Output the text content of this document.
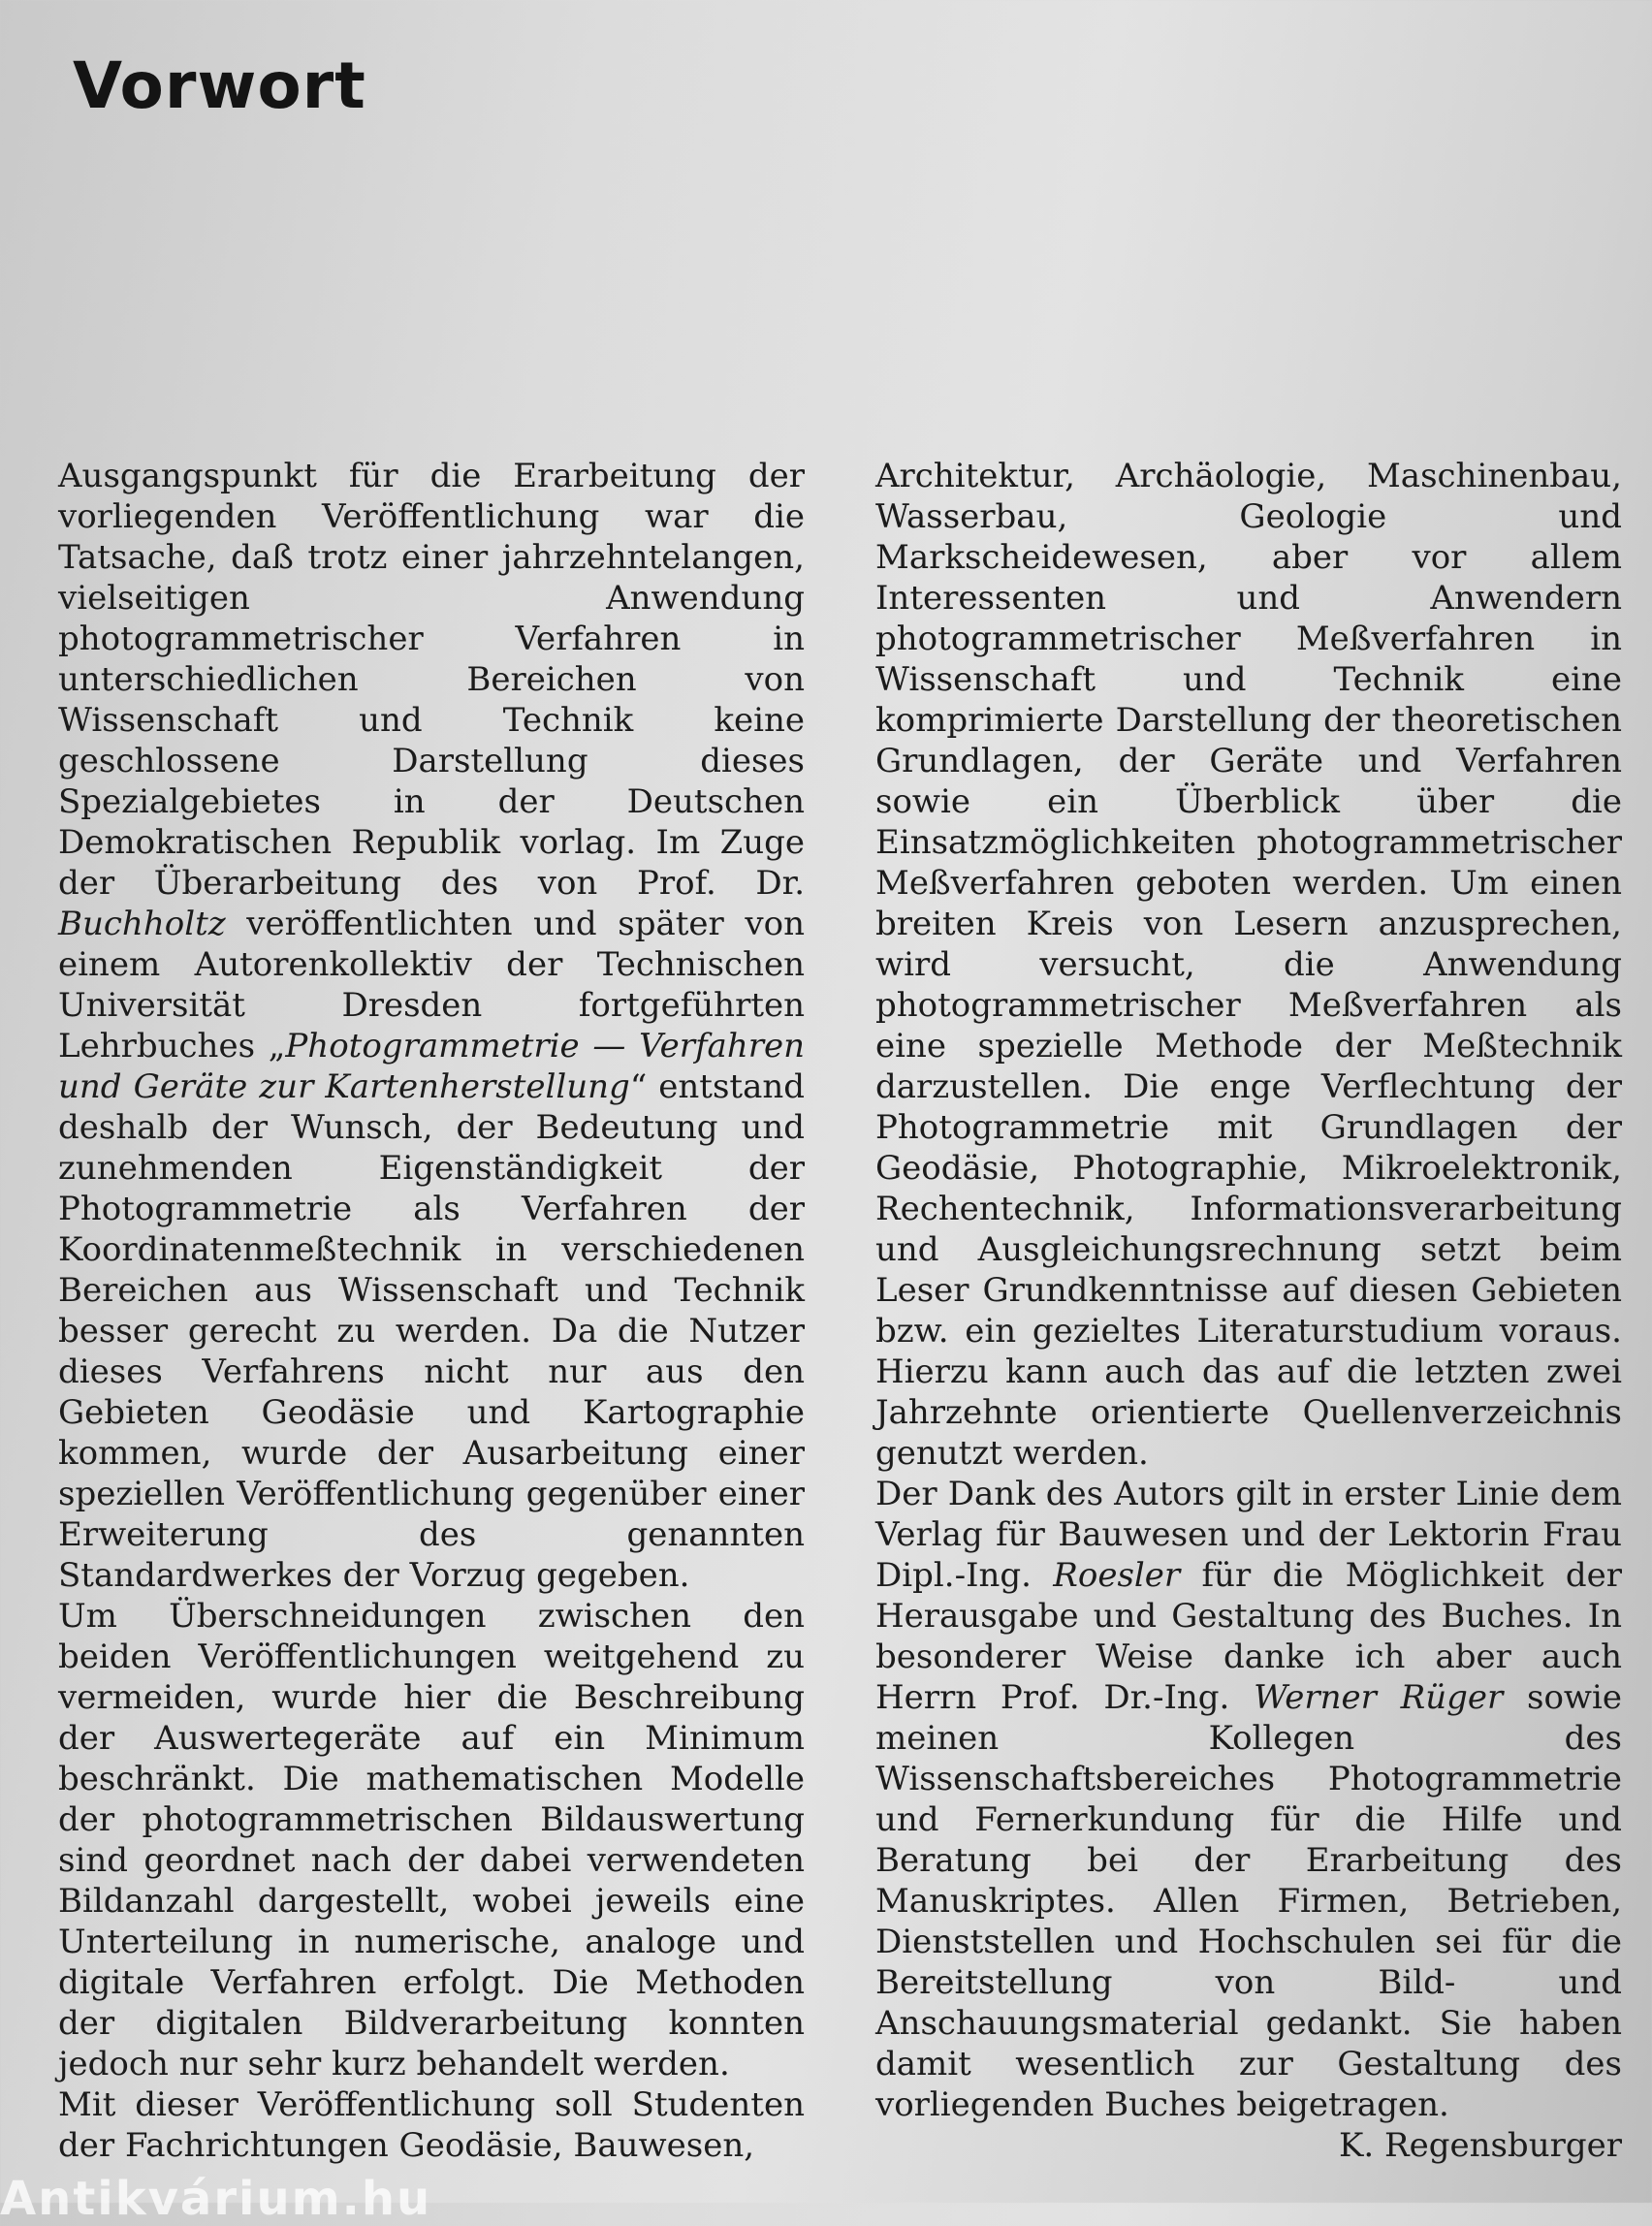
Vorwort

Ausgangspunkt für die Erarbeitung der vorliegenden Veröffentlichung war die Tatsache, daß trotz einer jahrzehntelangen, vielseitigen Anwendung photogrammetrischer Verfahren in unterschiedlichen Bereichen von Wissenschaft und Technik keine geschlossene Darstellung dieses Spezialgebietes in der Deutschen Demokratischen Republik vorlag. Im Zuge der Überarbeitung des von Prof. Dr. Buchholtz veröffentlichten und später von einem Autorenkollektiv der Technischen Universität Dresden fortgeführten Lehrbuches „Photogrammetrie — Verfahren und Geräte zur Kartenherstellung“ entstand deshalb der Wunsch, der Bedeutung und zunehmenden Eigenständigkeit der Photogrammetrie als Verfahren der Koordinatenmeßtechnik in verschiedenen Bereichen aus Wissenschaft und Technik besser gerecht zu werden. Da die Nutzer dieses Verfahrens nicht nur aus den Gebieten Geodäsie und Kartographie kommen, wurde der Ausarbeitung einer speziellen Veröffentlichung gegenüber einer Erweiterung des genannten Standardwerkes der Vorzug gegeben.

Um Überschneidungen zwischen den beiden Veröffentlichungen weitgehend zu vermeiden, wurde hier die Beschreibung der Auswertegeräte auf ein Minimum beschränkt. Die mathematischen Modelle der photogrammetrischen Bildauswertung sind geordnet nach der dabei verwendeten Bildanzahl dargestellt, wobei jeweils eine Unterteilung in numerische, analoge und digitale Verfahren erfolgt. Die Methoden der digitalen Bildverarbeitung konnten jedoch nur sehr kurz behandelt werden.

Mit dieser Veröffentlichung soll Studenten der Fachrichtungen Geodäsie, Bauwesen,

Architektur, Archäologie, Maschinenbau, Wasserbau, Geologie und Markscheidewesen, aber vor allem Interessenten und Anwendern photogrammetrischer Meßverfahren in Wissenschaft und Technik eine komprimierte Darstellung der theoretischen Grundlagen, der Geräte und Verfahren sowie ein Überblick über die Einsatzmöglichkeiten photogrammetrischer Meßverfahren geboten werden. Um einen breiten Kreis von Lesern anzusprechen, wird versucht, die Anwendung photogrammetrischer Meßverfahren als eine spezielle Methode der Meßtechnik darzustellen. Die enge Verflechtung der Photogrammetrie mit Grundlagen der Geodäsie, Photographie, Mikroelektronik, Rechentechnik, Informationsverarbeitung und Ausgleichungsrechnung setzt beim Leser Grundkenntnisse auf diesen Gebieten bzw. ein gezieltes Literaturstudium voraus. Hierzu kann auch das auf die letzten zwei Jahrzehnte orientierte Quellenverzeichnis genutzt werden.

Der Dank des Autors gilt in erster Linie dem Verlag für Bauwesen und der Lektorin Frau Dipl.-Ing. Roesler für die Möglichkeit der Herausgabe und Gestaltung des Buches. In besonderer Weise danke ich aber auch Herrn Prof. Dr.-Ing. Werner Rüger sowie meinen Kollegen des Wissenschaftsbereiches Photogrammetrie und Fernerkundung für die Hilfe und Beratung bei der Erarbeitung des Manuskriptes. Allen Firmen, Betrieben, Dienststellen und Hochschulen sei für die Bereitstellung von Bild- und Anschauungsmaterial gedankt. Sie haben damit wesentlich zur Gestaltung des vorliegenden Buches beigetragen.

K. Regensburger

Antikvárium.hu
